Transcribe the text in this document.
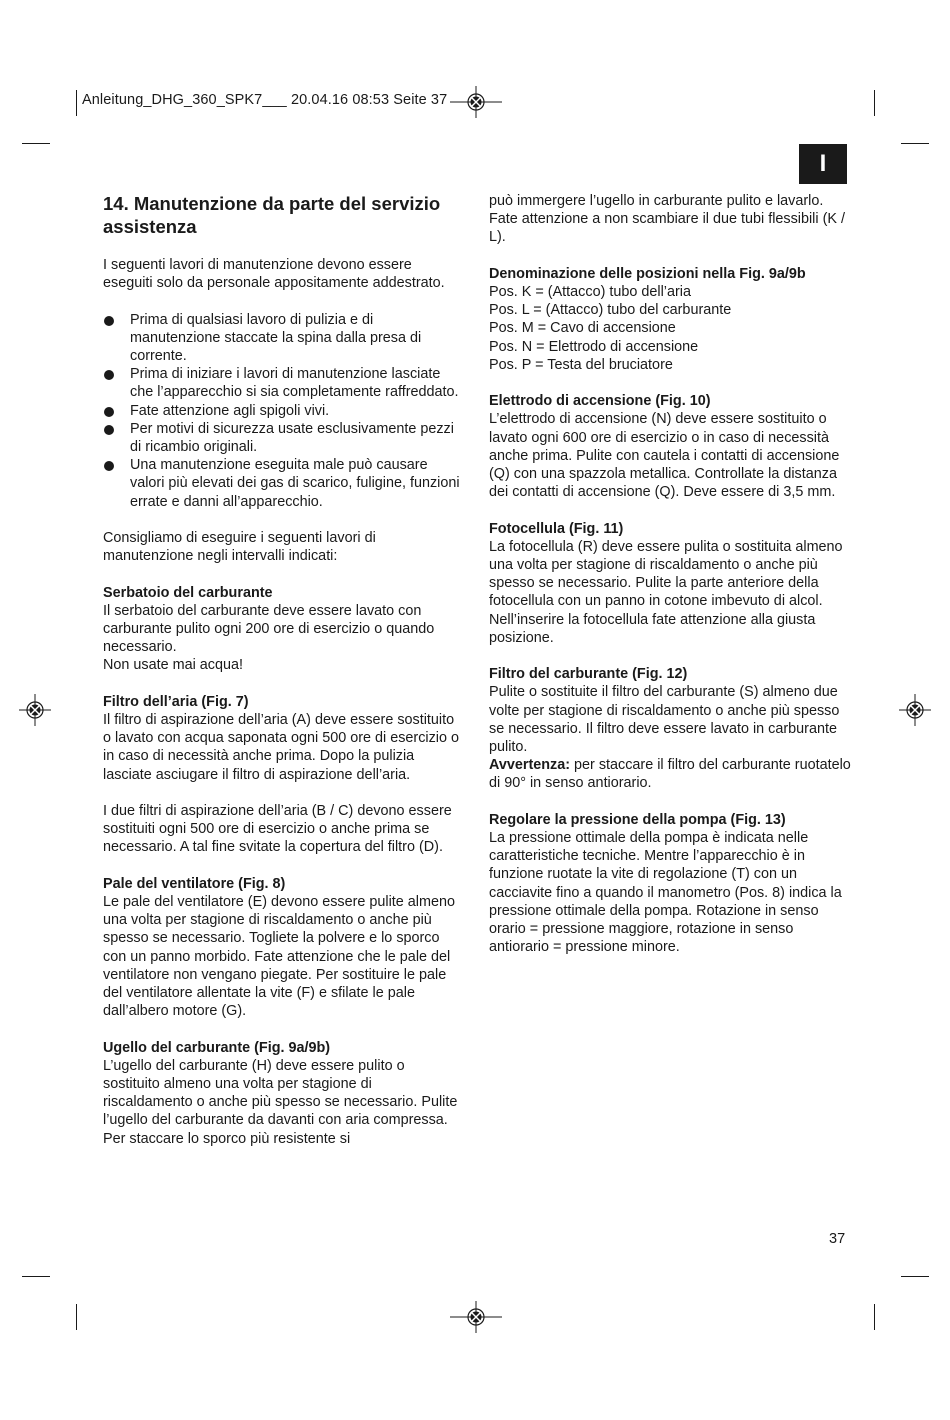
Anleitung_DHG_360_SPK7___ 20.04.16 08:53 Seite 37
I
14. Manutenzione da parte del servizio assistenza

I seguenti lavori di manutenzione devono essere eseguiti solo da personale appositamente addestrato.

Prima di qualsiasi lavoro di pulizia e di manutenzione staccate la spina dalla presa di corrente.
Prima di iniziare i lavori di manutenzione lasciate che l’apparecchio si sia completamente raffreddato.
Fate attenzione agli spigoli vivi.
Per motivi di sicurezza usate esclusivamente pezzi di ricambio originali.
Una manutenzione eseguita male può causare valori più elevati dei gas di scarico, fuligine, funzioni errate e danni all’apparecchio.

Consigliamo di eseguire i seguenti lavori di manutenzione negli intervalli indicati:

Serbatoio del carburante

Il serbatoio del carburante deve essere lavato con carburante pulito ogni 200 ore di esercizio o quando necessario.

Non usate mai acqua!

Filtro dell’aria (Fig. 7)

Il filtro di aspirazione dell’aria (A) deve essere sostituito o lavato con acqua saponata ogni 500 ore di esercizio o in caso di necessità anche prima. Dopo la pulizia lasciate asciugare il filtro di aspirazione dell’aria.

I due filtri di aspirazione dell’aria (B / C) devono essere sostituiti ogni 500 ore di esercizio o anche prima se necessario. A tal fine svitate la copertura del filtro (D).

Pale del ventilatore (Fig. 8)

Le pale del ventilatore (E) devono essere pulite almeno una volta per stagione di riscaldamento o anche più spesso se necessario. Togliete la polvere e lo sporco con un panno morbido. Fate attenzione che le pale del ventilatore non vengano piegate. Per sostituire le pale del ventilatore allentate la vite (F) e sfilate le pale dall’albero motore (G).

Ugello del carburante (Fig. 9a/9b)

L’ugello del carburante (H) deve essere pulito o sostituito almeno una volta per stagione di riscaldamento o anche più spesso se necessario. Pulite l’ugello del carburante da davanti con aria compressa. Per staccare lo sporco più resistente si

può immergere l’ugello in carburante pulito e lavarlo. Fate attenzione a non scambiare il due tubi flessibili (K / L).

Denominazione delle posizioni nella Fig. 9a/9b

Pos. K = (Attacco) tubo dell’aria

Pos. L = (Attacco) tubo del carburante

Pos. M = Cavo di accensione

Pos. N = Elettrodo di accensione

Pos. P = Testa del bruciatore

Elettrodo di accensione (Fig. 10)

L’elettrodo di accensione (N) deve essere sostituito o lavato ogni 600 ore di esercizio o in caso di necessità anche prima. Pulite con cautela i contatti di accensione (Q) con una spazzola metallica. Controllate la distanza dei contatti di accensione (Q). Deve essere di 3,5 mm.

Fotocellula (Fig. 11)

La fotocellula (R) deve essere pulita o sostituita almeno una volta per stagione di riscaldamento o anche più spesso se necessario. Pulite la parte anteriore della fotocellula con un panno in cotone imbevuto di alcol. Nell’inserire la fotocellula fate attenzione alla giusta posizione.

Filtro del carburante (Fig. 12)

Pulite o sostituite il filtro del carburante (S) almeno due volte per stagione di riscaldamento o anche più spesso se necessario. Il filtro deve essere lavato in carburante pulito.

Avvertenza: per staccare il filtro del carburante ruotatelo di 90° in senso antiorario.

Regolare la pressione della pompa (Fig. 13)

La pressione ottimale della pompa è indicata nelle caratteristiche tecniche. Mentre l’apparecchio è in funzione ruotate la vite di regolazione (T) con un cacciavite fino a quando il manometro (Pos. 8) indica la pressione ottimale della pompa. Rotazione in senso orario = pressione maggiore, rotazione in senso antiorario = pressione minore.

37
